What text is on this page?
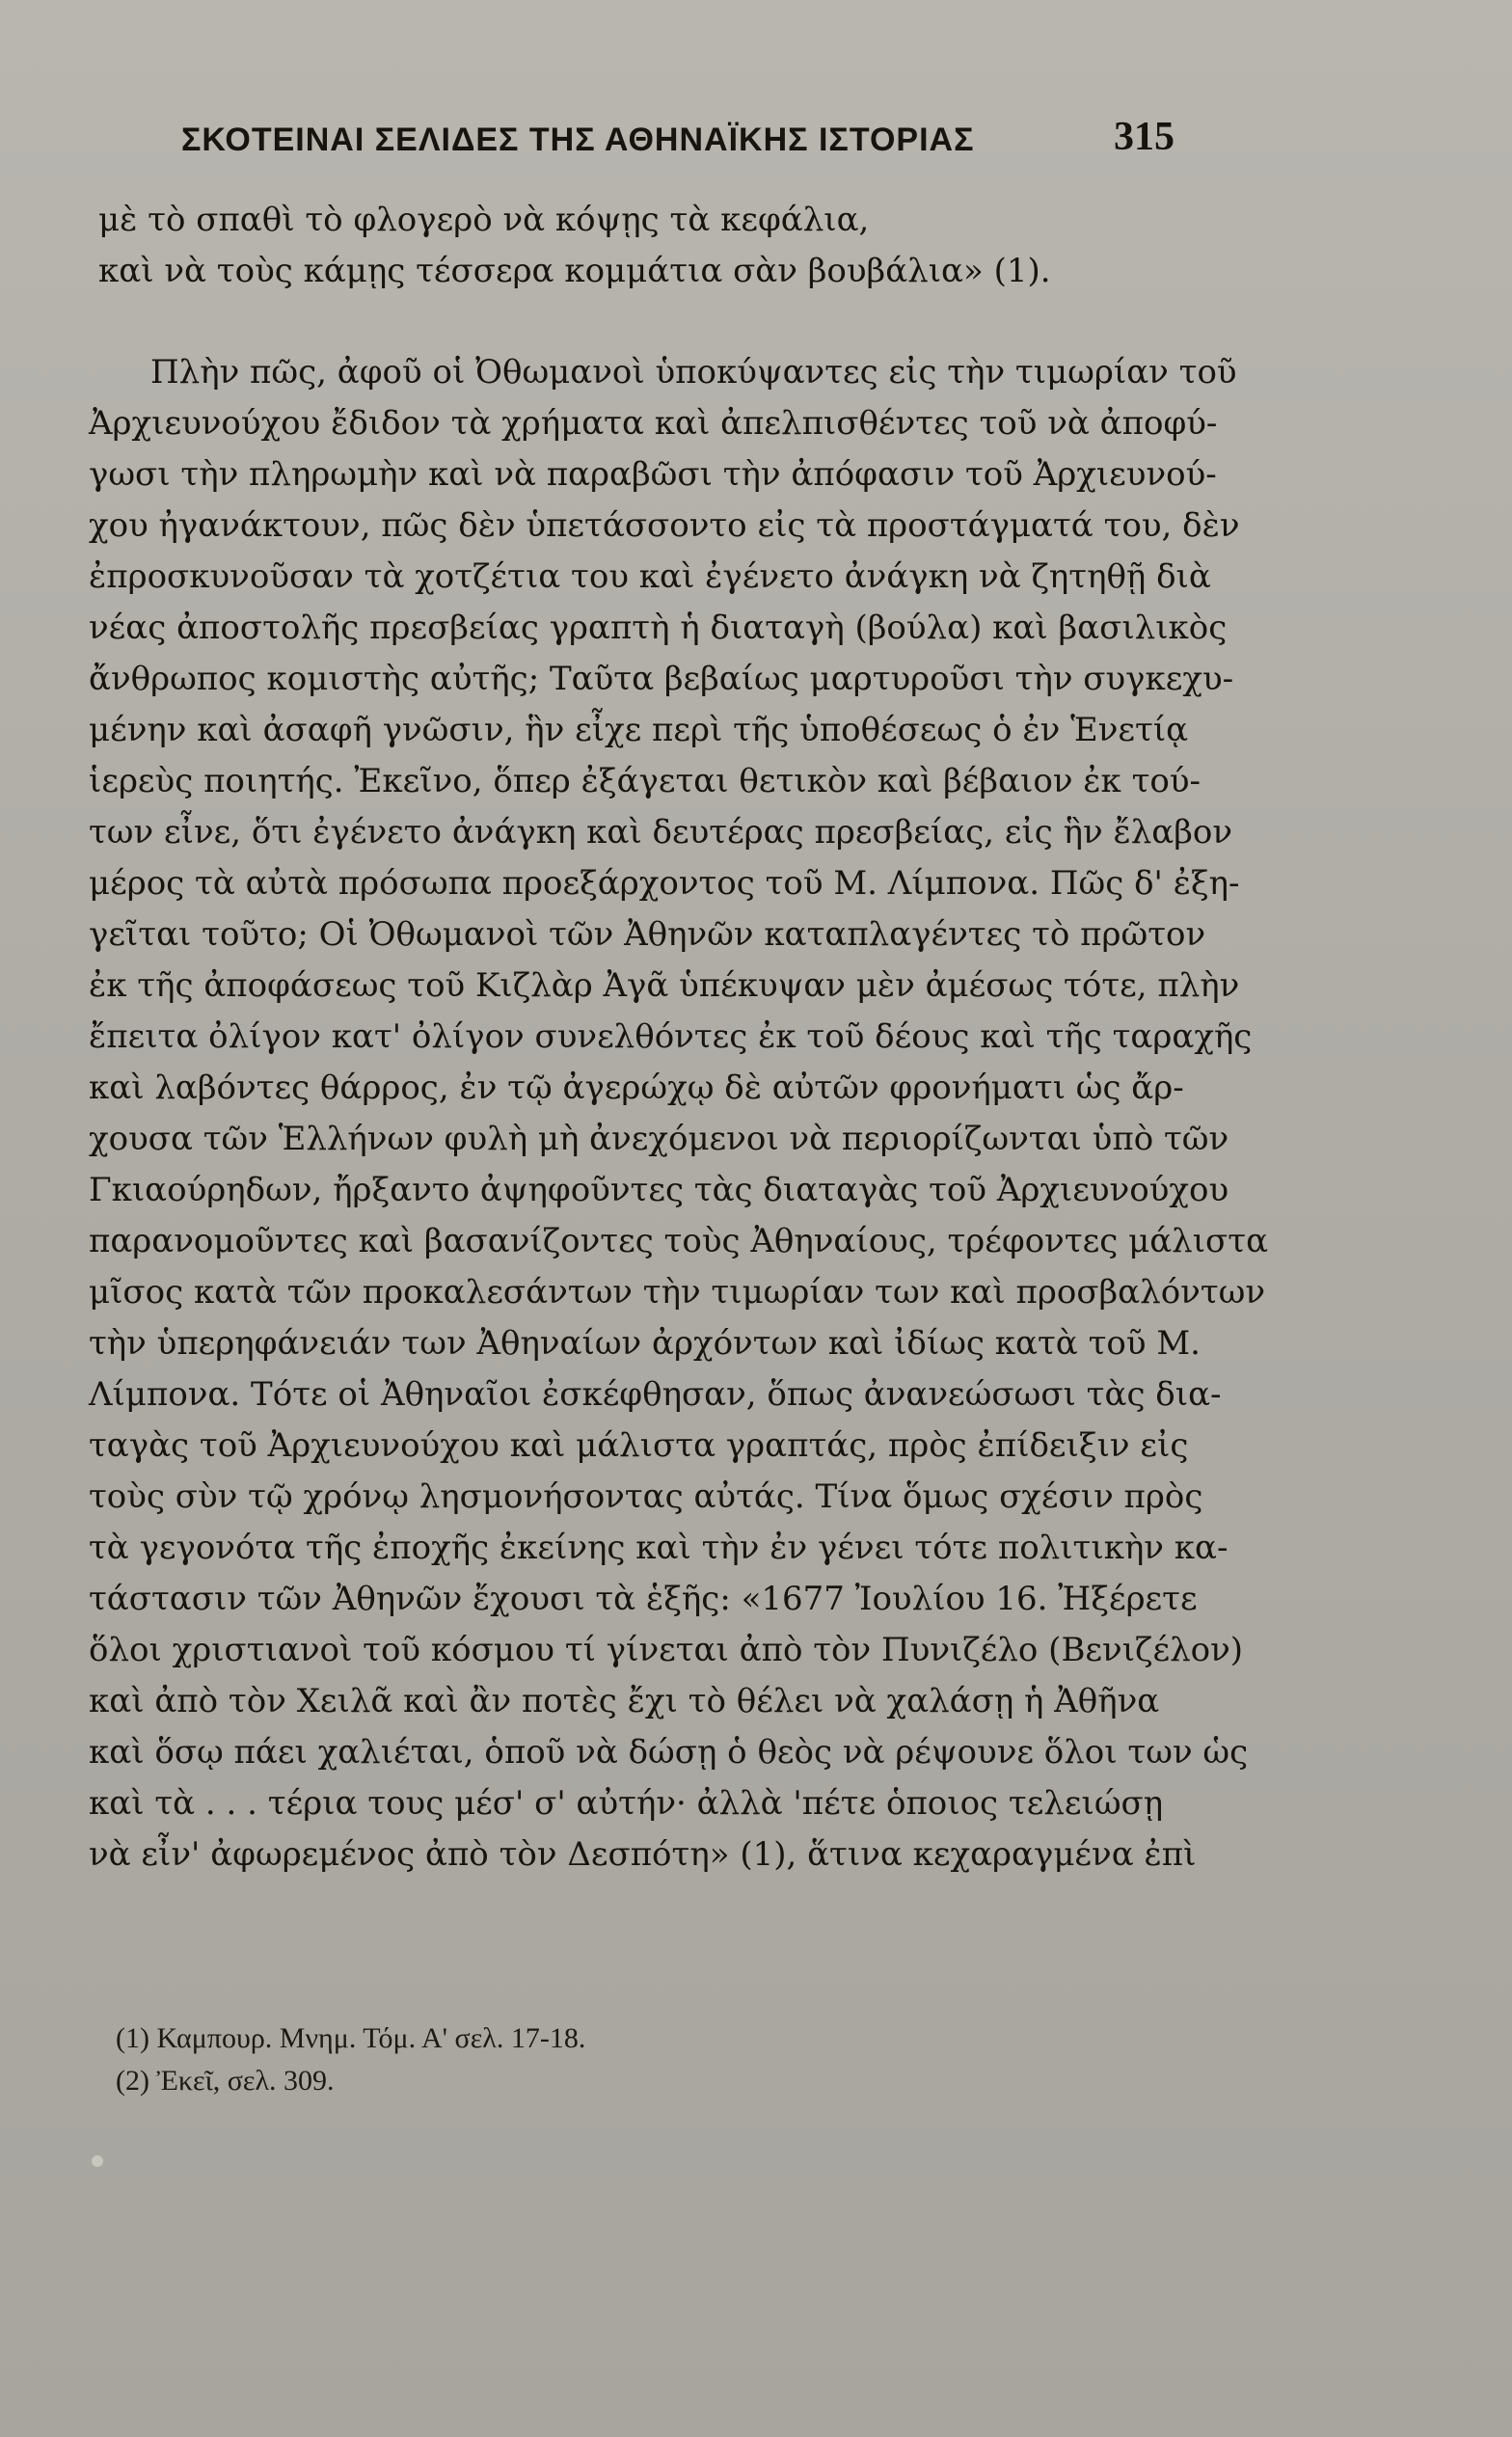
ΣΚΟΤΕΙΝΑΙ ΣΕΛΙΔΕΣ ΤΗΣ ΑΘΗΝΑΪΚΗΣ ΙΣΤΟΡΙΑΣ	315
μὲ τὸ σπαθὶ τὸ φλογερὸ νὰ κόψῃς τὰ κεφάλια,
καὶ νὰ τοὺς κάμῃς τέσσερα κομμάτια σὰν βουβάλια» (1).
Πλὴν πῶς, ἀφοῦ οἱ Ὀθωμανοὶ ὑποκύψαντες εἰς τὴν τιμωρίαν τοῦ
Ἀρχιευνούχου ἔδιδον τὰ χρήματα καὶ ἀπελπισθέντες τοῦ νὰ ἀποφύ-
γωσι τὴν πληρωμὴν καὶ νὰ παραβῶσι τὴν ἀπόφασιν τοῦ Ἀρχιευνού-
χου ἠγανάκτουν, πῶς δὲν ὑπετάσσοντο εἰς τὰ προστάγματά του, δὲν
ἐπροσκυνοῦσαν τὰ χοτζέτια του καὶ ἐγένετο ἀνάγκη νὰ ζητηθῇ διὰ
νέας ἀποστολῆς πρεσβείας γραπτὴ ἡ διαταγὴ (βούλα) καὶ βασιλικὸς
ἄνθρωπος κομιστὴς αὐτῆς; Ταῦτα βεβαίως μαρτυροῦσι τὴν συγκεχυ-
μένην καὶ ἀσαφῆ γνῶσιν, ἣν εἶχε περὶ τῆς ὑποθέσεως ὁ ἐν Ἑνετίᾳ
ἱερεὺς ποιητής. Ἐκεῖνο, ὅπερ ἐξάγεται θετικὸν καὶ βέβαιον ἐκ τού-
των εἶνε, ὅτι ἐγένετο ἀνάγκη καὶ δευτέρας πρεσβείας, εἰς ἣν ἔλαβον
μέρος τὰ αὐτὰ πρόσωπα προεξάρχοντος τοῦ Μ. Λίμπονα. Πῶς δ' ἐξη-
γεῖται τοῦτο; Οἱ Ὀθωμανοὶ τῶν Ἀθηνῶν καταπλαγέντες τὸ πρῶτον
ἐκ τῆς ἀποφάσεως τοῦ Κιζλὰρ Ἀγᾶ ὑπέκυψαν μὲν ἀμέσως τότε, πλὴν
ἔπειτα ὀλίγον κατ' ὀλίγον συνελθόντες ἐκ τοῦ δέους καὶ τῆς ταραχῆς
καὶ λαβόντες θάρρος, ἐν τῷ ἀγερώχῳ δὲ αὐτῶν φρονήματι ὡς ἄρ-
χουσα τῶν Ἑλλήνων φυλὴ μὴ ἀνεχόμενοι νὰ περιορίζωνται ὑπὸ τῶν
Γκιαούρηδων, ἤρξαντο ἀψηφοῦντες τὰς διαταγὰς τοῦ Ἀρχιευνούχου
παρανομοῦντες καὶ βασανίζοντες τοὺς Ἀθηναίους, τρέφοντες μάλιστα
μῖσος κατὰ τῶν προκαλεσάντων τὴν τιμωρίαν των καὶ προσβαλόντων
τὴν ὑπερηφάνειάν των Ἀθηναίων ἀρχόντων καὶ ἰδίως κατὰ τοῦ Μ.
Λίμπονα. Τότε οἱ Ἀθηναῖοι ἐσκέφθησαν, ὅπως ἀνανεώσωσι τὰς δια-
ταγὰς τοῦ Ἀρχιευνούχου καὶ μάλιστα γραπτάς, πρὸς ἐπίδειξιν εἰς
τοὺς σὺν τῷ χρόνῳ λησμονήσοντας αὐτάς. Τίνα ὅμως σχέσιν πρὸς
τὰ γεγονότα τῆς ἐποχῆς ἐκείνης καὶ τὴν ἐν γένει τότε πολιτικὴν κα-
τάστασιν τῶν Ἀθηνῶν ἔχουσι τὰ ἑξῆς: «1677 Ἰουλίου 16. Ἠξέρετε
ὅλοι χριστιανοὶ τοῦ κόσμου τί γίνεται ἀπὸ τὸν Πυνιζέλο (Βενιζέλον)
καὶ ἀπὸ τὸν Χειλᾶ καὶ ἂν ποτὲς ἔχι τὸ θέλει νὰ χαλάσῃ ἡ Ἀθῆνα
καὶ ὅσῳ πάει χαλιέται, ὁποῦ νὰ δώσῃ ὁ θεὸς νὰ ρέψουνε ὅλοι των ὡς
καὶ τὰ . . . τέρια τους μέσ' σ' αὐτήν· ἀλλὰ 'πέτε ὁποιος τελειώσῃ
νὰ εἶν' ἀφωρεμένος ἀπὸ τὸν Δεσπότη» (1), ἅτινα κεχαραγμένα ἐπὶ
(1) Καμπουρ. Μνημ. Τόμ. Α' σελ. 17-18.
(2) Ἐκεῖ, σελ. 309.
